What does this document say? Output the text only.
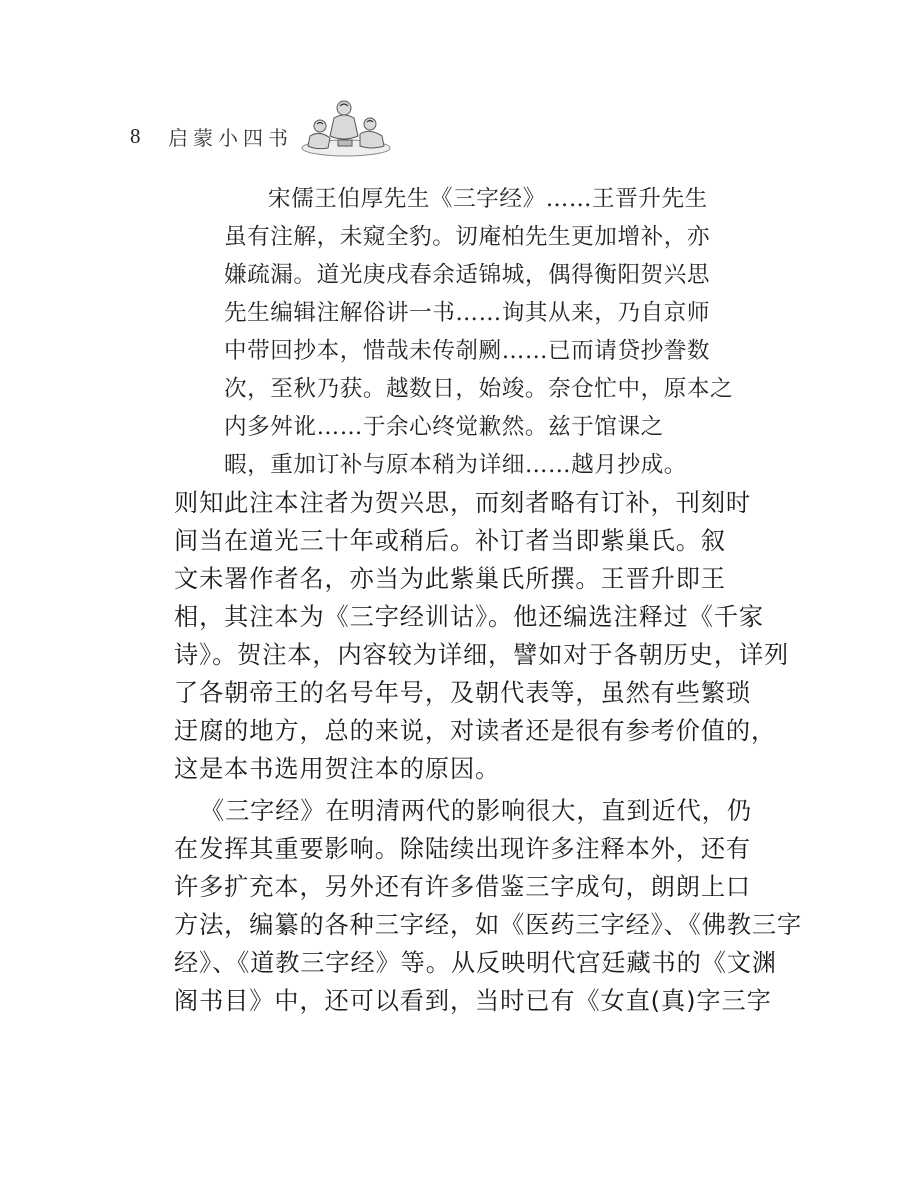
8 启蒙小四书
宋儒王伯厚先生《三字经》……王晋升先生
虽有注解，未窥全豹。讱庵柏先生更加增补，亦
嫌疏漏。道光庚戌春余适锦城，偶得衡阳贺兴思
先生编辑注解俗讲一书……询其从来，乃自京师
中带回抄本，惜哉未传剞劂……已而请贷抄誊数
次，至秋乃获。越数日，始竣。奈仓忙中，原本之
内多舛讹……于余心终觉歉然。兹于馆课之
暇，重加订补与原本稍为详细……越月抄成。
则知此注本注者为贺兴思，而刻者略有订补，刊刻时
间当在道光三十年或稍后。补订者当即紫巢氏。叙
文未署作者名，亦当为此紫巢氏所撰。王晋升即王
相，其注本为《三字经训诂》。他还编选注释过《千家
诗》。贺注本，内容较为详细，譬如对于各朝历史，详列
了各朝帝王的名号年号，及朝代表等，虽然有些繁琐
迂腐的地方，总的来说，对读者还是很有参考价值的，
这是本书选用贺注本的原因。
《三字经》在明清两代的影响很大，直到近代，仍
在发挥其重要影响。除陆续出现许多注释本外，还有
许多扩充本，另外还有许多借鉴三字成句，朗朗上口
方法，编纂的各种三字经，如《医药三字经》、《佛教三字
经》、《道教三字经》等。从反映明代宫廷藏书的《文渊
阁书目》中，还可以看到，当时已有《女直(真)字三字
